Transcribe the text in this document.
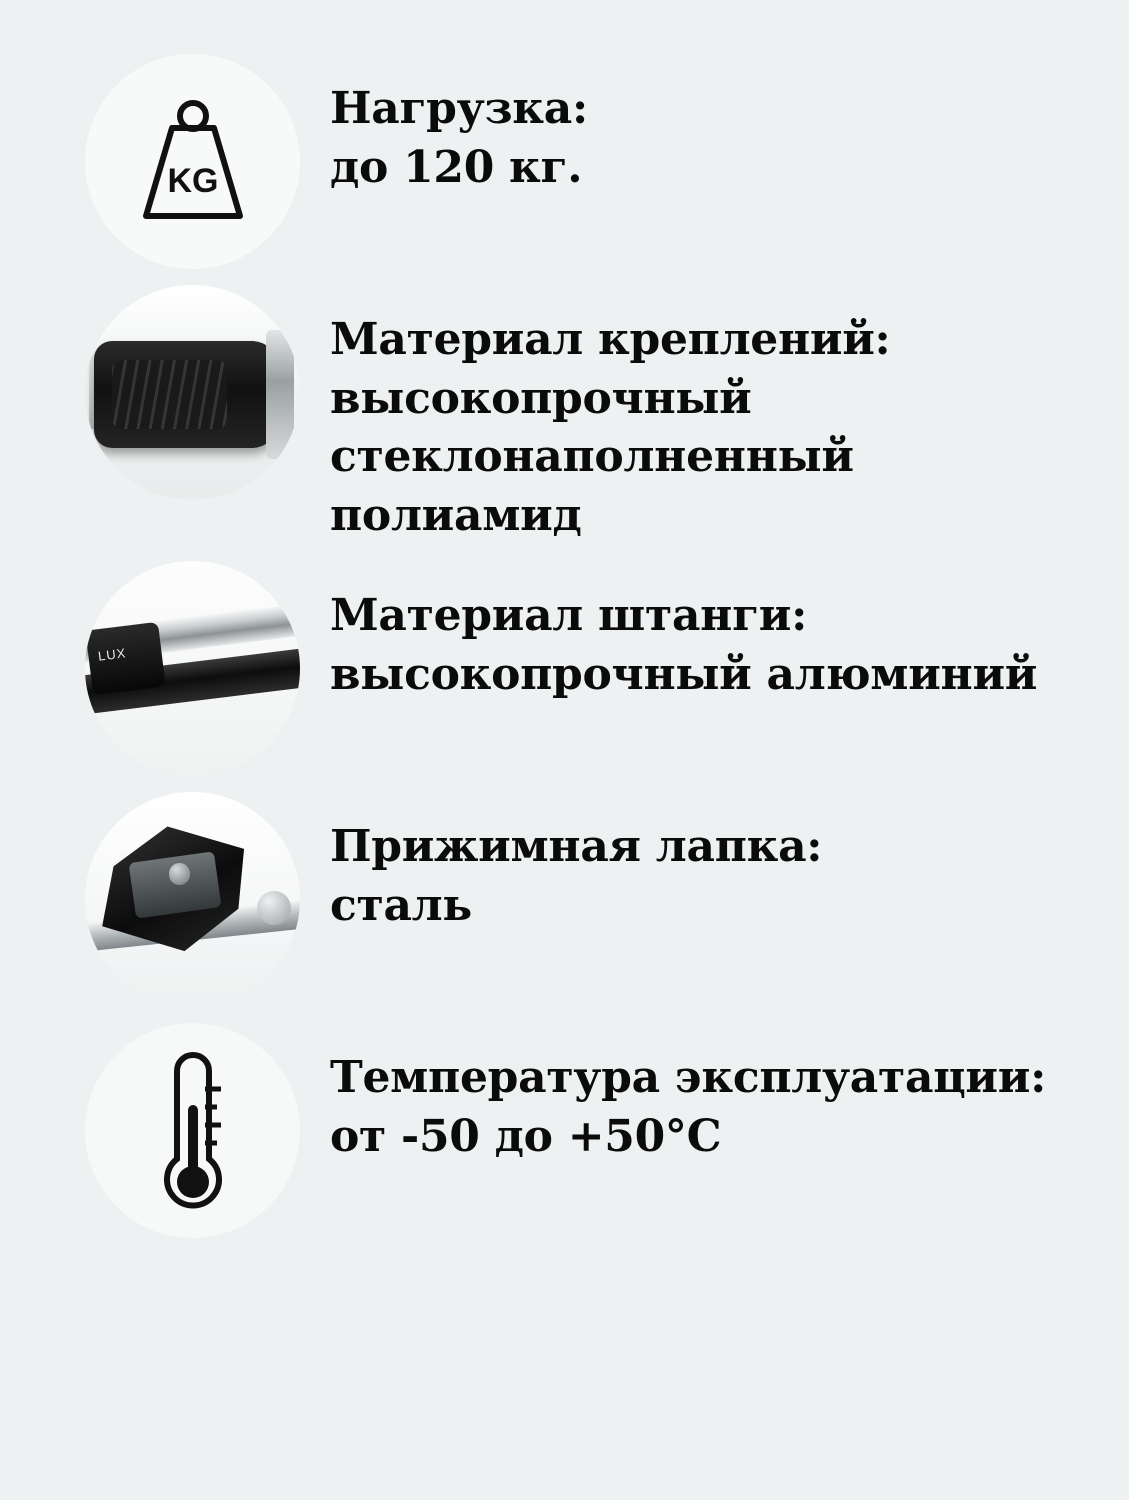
KG

Нагрузка:

до 120 кг.

Материал креплений:

высокопрочный стеклонаполненный полиамид

LUX

Материал штанги:

высокопрочный алюминий

Прижимная лапка:

сталь

Температура эксплуатации:

от -50 до +50°C
